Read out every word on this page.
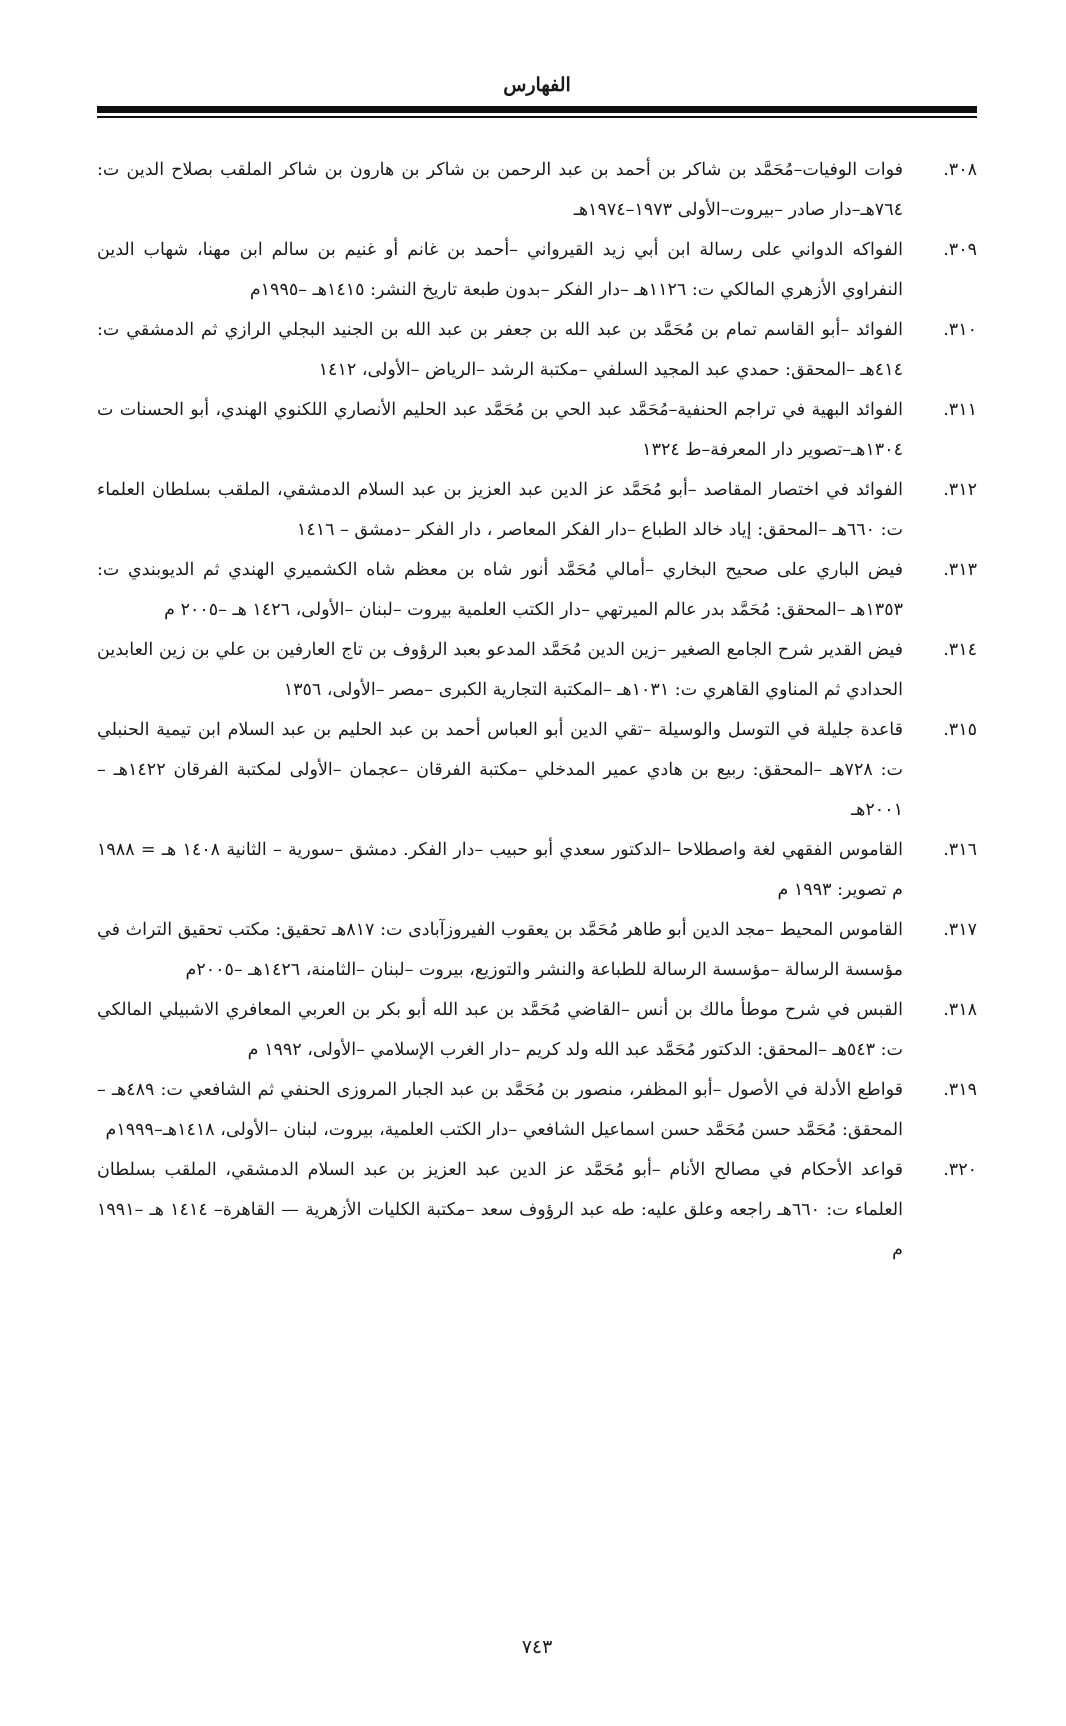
الفهارس
٣٠٨.
فوات الوفيات–مُحَمَّد بن شاكر بن أحمد بن عبد الرحمن بن شاكر بن هارون بن شاكر الملقب بصلاح الدين ت: ٧٦٤هـ–دار صادر –بيروت–الأولى ١٩٧٣–١٩٧٤هـ
٣٠٩.
الفواكه الدواني على رسالة ابن أبي زيد القيرواني –أحمد بن غانم أو غنيم بن سالم ابن مهنا، شهاب الدين النفراوي الأزهري المالكي ت: ١١٢٦هـ –دار الفكر –بدون طبعة تاريخ النشر: ١٤١٥هـ –١٩٩٥م
٣١٠.
الفوائد –أبو القاسم تمام بن مُحَمَّد بن عبد الله بن جعفر بن عبد الله بن الجنيد البجلي الرازي ثم الدمشقي ت: ٤١٤هـ –المحقق: حمدي عبد المجيد السلفي –مكتبة الرشد –الرياض –الأولى، ١٤١٢
٣١١.
الفوائد البهية في تراجم الحنفية–مُحَمَّد عبد الحي بن مُحَمَّد عبد الحليم الأنصاري اللكنوي الهندي، أبو الحسنات ت ١٣٠٤هـ–تصوير دار المعرفة–ط ١٣٢٤
٣١٢.
الفوائد في اختصار المقاصد –أبو مُحَمَّد عز الدين عبد العزيز بن عبد السلام الدمشقي، الملقب بسلطان العلماء ت: ٦٦٠هـ –المحقق: إياد خالد الطباع –دار الفكر المعاصر ، دار الفكر –دمشق – ١٤١٦
٣١٣.
فيض الباري على صحيح البخاري –أمالي مُحَمَّد أنور شاه بن معظم شاه الكشميري الهندي ثم الديوبندي ت: ١٣٥٣هـ –المحقق: مُحَمَّد بدر عالم الميرتهي –دار الكتب العلمية بيروت –لبنان –الأولى، ١٤٢٦ هـ –٢٠٠٥ م
٣١٤.
فيض القدير شرح الجامع الصغير –زين الدين مُحَمَّد المدعو بعبد الرؤوف بن تاج العارفين بن علي بن زين العابدين الحدادي ثم المناوي القاهري ت: ١٠٣١هـ –المكتبة التجارية الكبرى –مصر –الأولى، ١٣٥٦
٣١٥.
قاعدة جليلة في التوسل والوسيلة –تقي الدين أبو العباس أحمد بن عبد الحليم بن عبد السلام ابن تيمية الحنبلي ت: ٧٢٨هـ –المحقق: ربيع بن هادي عمير المدخلي –مكتبة الفرقان –عجمان –الأولى لمكتبة الفرقان ١٤٢٢هـ –٢٠٠١هـ
٣١٦.
القاموس الفقهي لغة واصطلاحا –الدكتور سعدي أبو حبيب –دار الفكر. دمشق –سورية – الثانية ١٤٠٨ هـ = ١٩٨٨ م تصوير: ١٩٩٣ م
٣١٧.
القاموس المحيط –مجد الدين أبو طاهر مُحَمَّد بن يعقوب الفيروزآبادى ت: ٨١٧هـ تحقيق: مكتب تحقيق التراث في مؤسسة الرسالة –مؤسسة الرسالة للطباعة والنشر والتوزيع، بيروت –لبنان –الثامنة، ١٤٢٦هـ –٢٠٠٥م
٣١٨.
القبس في شرح موطأ مالك بن أنس –القاضي مُحَمَّد بن عبد الله أبو بكر بن العربي المعافري الاشبيلي المالكي ت: ٥٤٣هـ –المحقق: الدكتور مُحَمَّد عبد الله ولد كريم –دار الغرب الإسلامي –الأولى، ١٩٩٢ م
٣١٩.
قواطع الأدلة في الأصول –أبو المظفر، منصور بن مُحَمَّد بن عبد الجبار المروزى الحنفي ثم الشافعي ت: ٤٨٩هـ –المحقق: مُحَمَّد حسن مُحَمَّد حسن اسماعيل الشافعي –دار الكتب العلمية، بيروت، لبنان –الأولى، ١٤١٨هـ–١٩٩٩م
٣٢٠.
قواعد الأحكام في مصالح الأنام –أبو مُحَمَّد عز الدين عبد العزيز بن عبد السلام الدمشقي، الملقب بسلطان العلماء ت: ٦٦٠هـ راجعه وعلق عليه: طه عبد الرؤوف سعد –مكتبة الكليات الأزهرية — القاهرة– ١٤١٤ هـ –١٩٩١ م
٧٤٣
